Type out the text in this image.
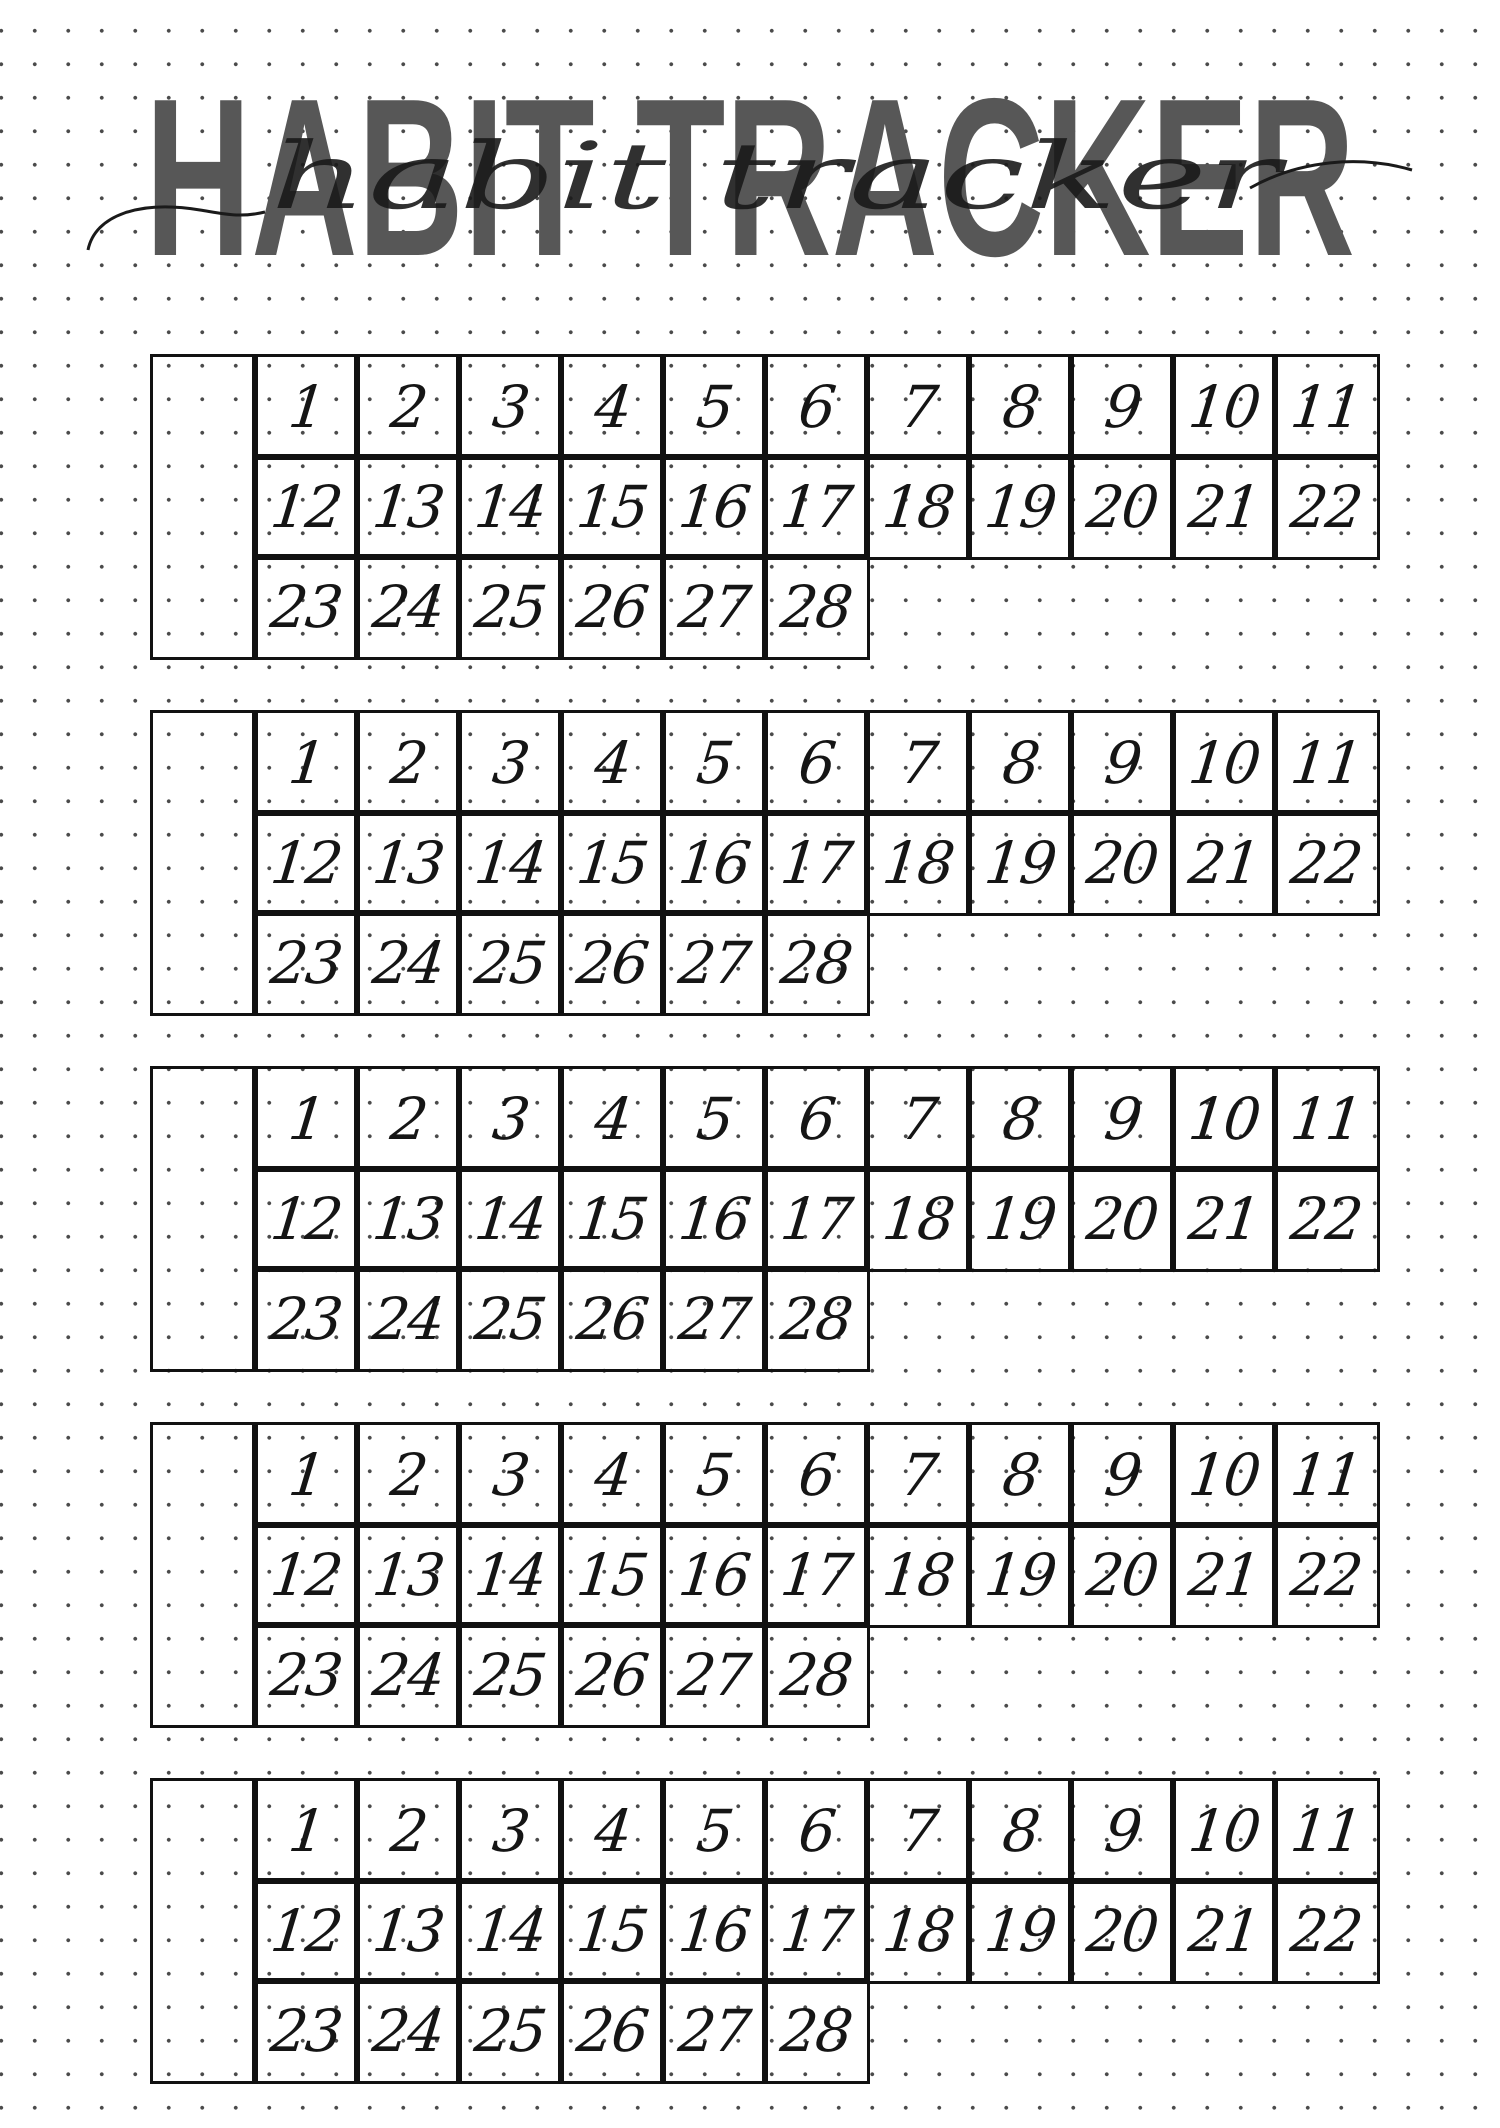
HABIT TRACKER
habit tracker
1 2 3 4 5 6 7 8 9 10 11
12 13 14 15 16 17 18 19 20 21 22
23 24 25 26 27 28
1 2 3 4 5 6 7 8 9 10 11
12 13 14 15 16 17 18 19 20 21 22
23 24 25 26 27 28
1 2 3 4 5 6 7 8 9 10 11
12 13 14 15 16 17 18 19 20 21 22
23 24 25 26 27 28
1 2 3 4 5 6 7 8 9 10 11
12 13 14 15 16 17 18 19 20 21 22
23 24 25 26 27 28
1 2 3 4 5 6 7 8 9 10 11
12 13 14 15 16 17 18 19 20 21 22
23 24 25 26 27 28
